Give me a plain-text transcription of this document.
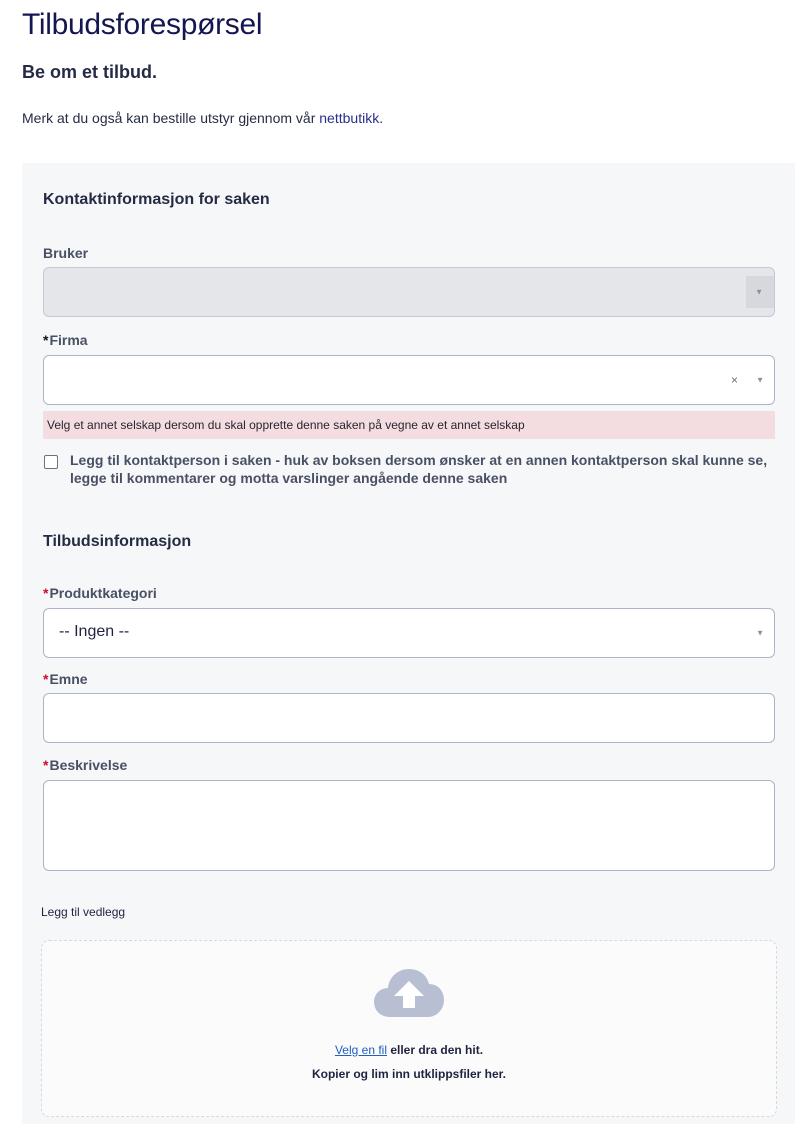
Tilbudsforespørsel
Be om et tilbud.

Merk at du også kan bestille utstyr gjennom vår nettbutikk.

Kontaktinformasjon for saken
Bruker
▼
*Firma
× ▼
Velg et annet selskap dersom du skal opprette denne saken på vegne av et annet selskap
Legg til kontaktperson i saken - huk av boksen dersom ønsker at en annen kontaktperson skal kunne se, legge til kommentarer og motta varslinger angående denne saken
Tilbudsinformasjon
*Produktkategori
-- Ingen --	▼
*Emne
*Beskrivelse
Legg til vedlegg
Velg en fil eller dra den hit.
Kopier og lim inn utklippsfiler her.
